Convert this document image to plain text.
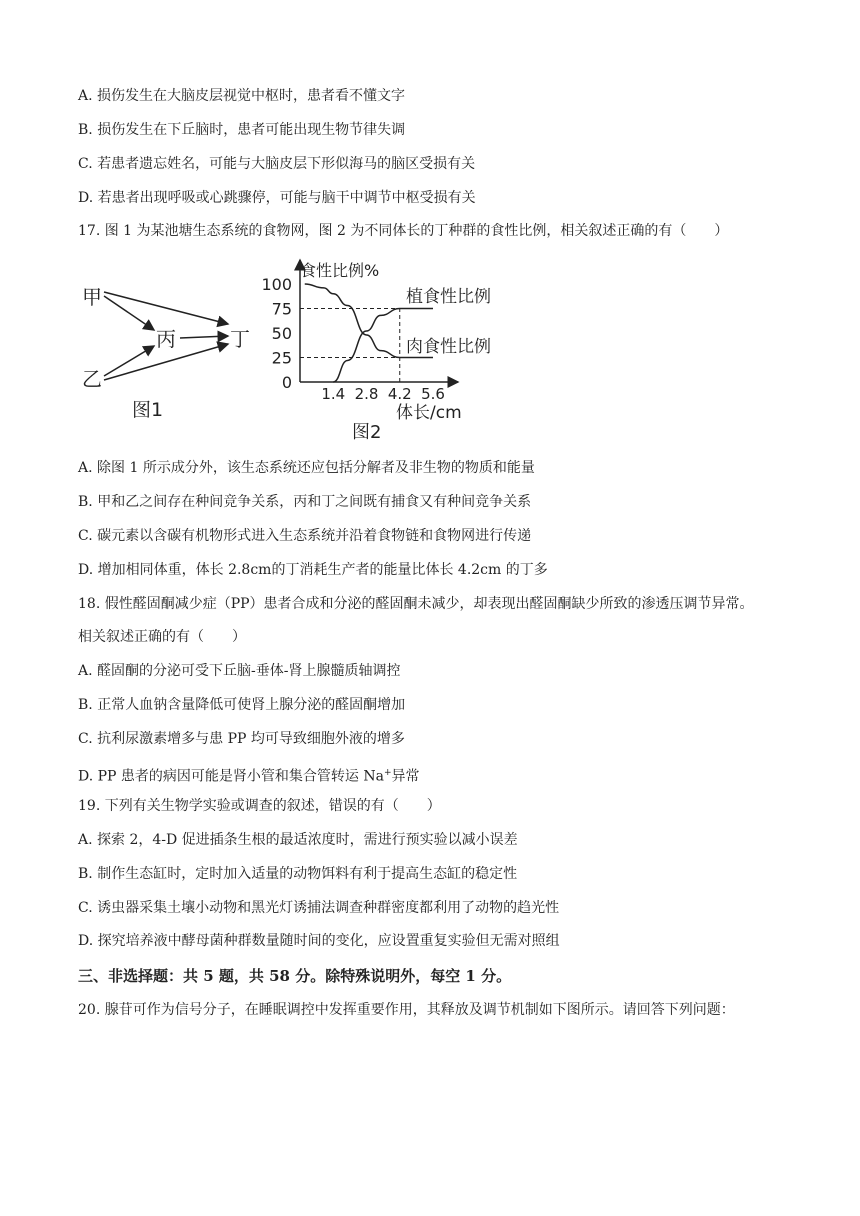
A. 损伤发生在大脑皮层视觉中枢时，患者看不懂文字
B. 损伤发生在下丘脑时，患者可能出现生物节律失调
C. 若患者遗忘姓名，可能与大脑皮层下形似海马的脑区受损有关
D. 若患者出现呼吸或心跳骤停，可能与脑干中调节中枢受损有关
17. 图 1 为某池塘生态系统的食物网，图 2 为不同体长的丁种群的食性比例，相关叙述正确的有（　　）
甲
乙
丙	丁
图1
食性比例%
体长/cm
图2
100
75
50
25
0
1.4 2.8 4.2 5.6
植食性比例
肉食性比例
A. 除图 1 所示成分外，该生态系统还应包括分解者及非生物的物质和能量
B. 甲和乙之间存在种间竞争关系，丙和丁之间既有捕食又有种间竞争关系
C. 碳元素以含碳有机物形式进入生态系统并沿着食物链和食物网进行传递
D. 增加相同体重，体长 2.8cm的丁消耗生产者的能量比体长 4.2cm 的丁多
18. 假性醛固酮减少症（PP）患者合成和分泌的醛固酮未减少，却表现出醛固酮缺少所致的渗透压调节异常。
相关叙述正确的有（　　）
A. 醛固酮的分泌可受下丘脑-垂体-肾上腺髓质轴调控
B. 正常人血钠含量降低可使肾上腺分泌的醛固酮增加
C. 抗利尿激素增多与患 PP 均可导致细胞外液的增多
D. PP 患者的病因可能是肾小管和集合管转运 Na+异常
19. 下列有关生物学实验或调查的叙述，错误的有（　　）
A. 探索 2，4-D 促进插条生根的最适浓度时，需进行预实验以减小误差
B. 制作生态缸时，定时加入适量的动物饵料有利于提高生态缸的稳定性
C. 诱虫器采集土壤小动物和黑光灯诱捕法调查种群密度都利用了动物的趋光性
D. 探究培养液中酵母菌种群数量随时间的变化，应设置重复实验但无需对照组
三、非选择题：共 5 题，共 58 分。除特殊说明外，每空 1 分。
20. 腺苷可作为信号分子，在睡眠调控中发挥重要作用，其释放及调节机制如下图所示。请回答下列问题：
